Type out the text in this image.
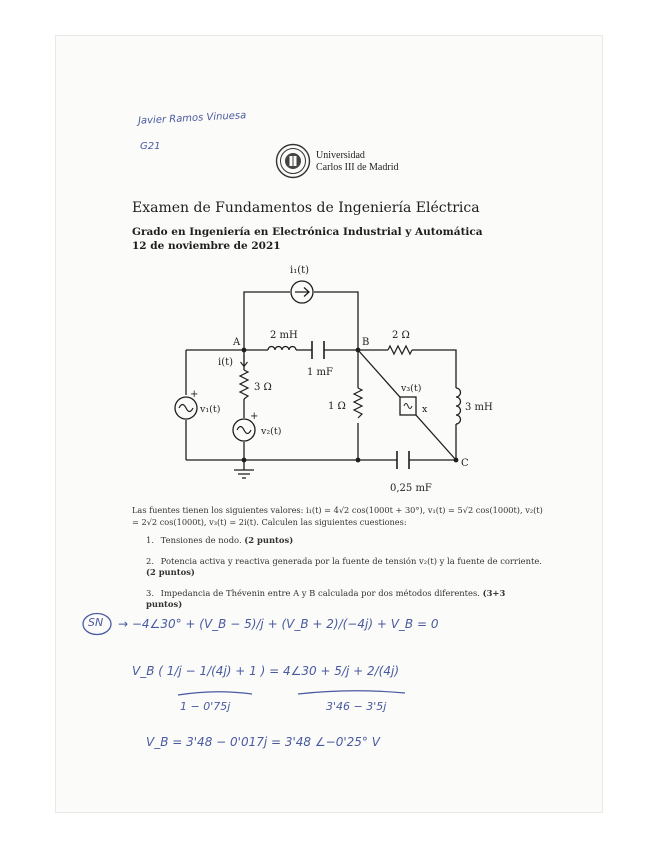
Javier Ramos Vinuesa
G21
Universidad
Carlos III de Madrid
Examen de Fundamentos de Ingeniería Eléctrica
Grado en Ingeniería en Electrónica Industrial y Automática
12 de noviembre de 2021
i₁(t)
A	B
C
2 mH
1 mF
2 Ω
i(t)
3 Ω
+
v₁(t)
+
v₂(t)
v₃(t)
x
1 Ω	3 mH
0,25 mF
Las fuentes tienen los siguientes valores: i₁(t) = 4√2 cos(1000t + 30°), v₁(t) = 5√2 cos(1000t), v₂(t) = 2√2 cos(1000t), v₃(t) = 2i(t). Calculen las siguientes cuestiones:
1. Tensiones de nodo. (2 puntos)
2. Potencia activa y reactiva generada por la fuente de tensión v₂(t) y la fuente de corriente. (2 puntos)
3. Impedancia de Thévenin entre A y B calculada por dos métodos diferentes. (3+3 puntos)
SN → −4∠30° + (V_B − 5)/j + (V_B + 2)/(−4j) + V_B = 0
V_B ( 1/j − 1/(4j) + 1 ) = 4∠30 + 5/j + 2/(4j)
1 − 0'75j	3'46 − 3'5j
V_B = 3'48 − 0'017j = 3'48 ∠−0'25° V
